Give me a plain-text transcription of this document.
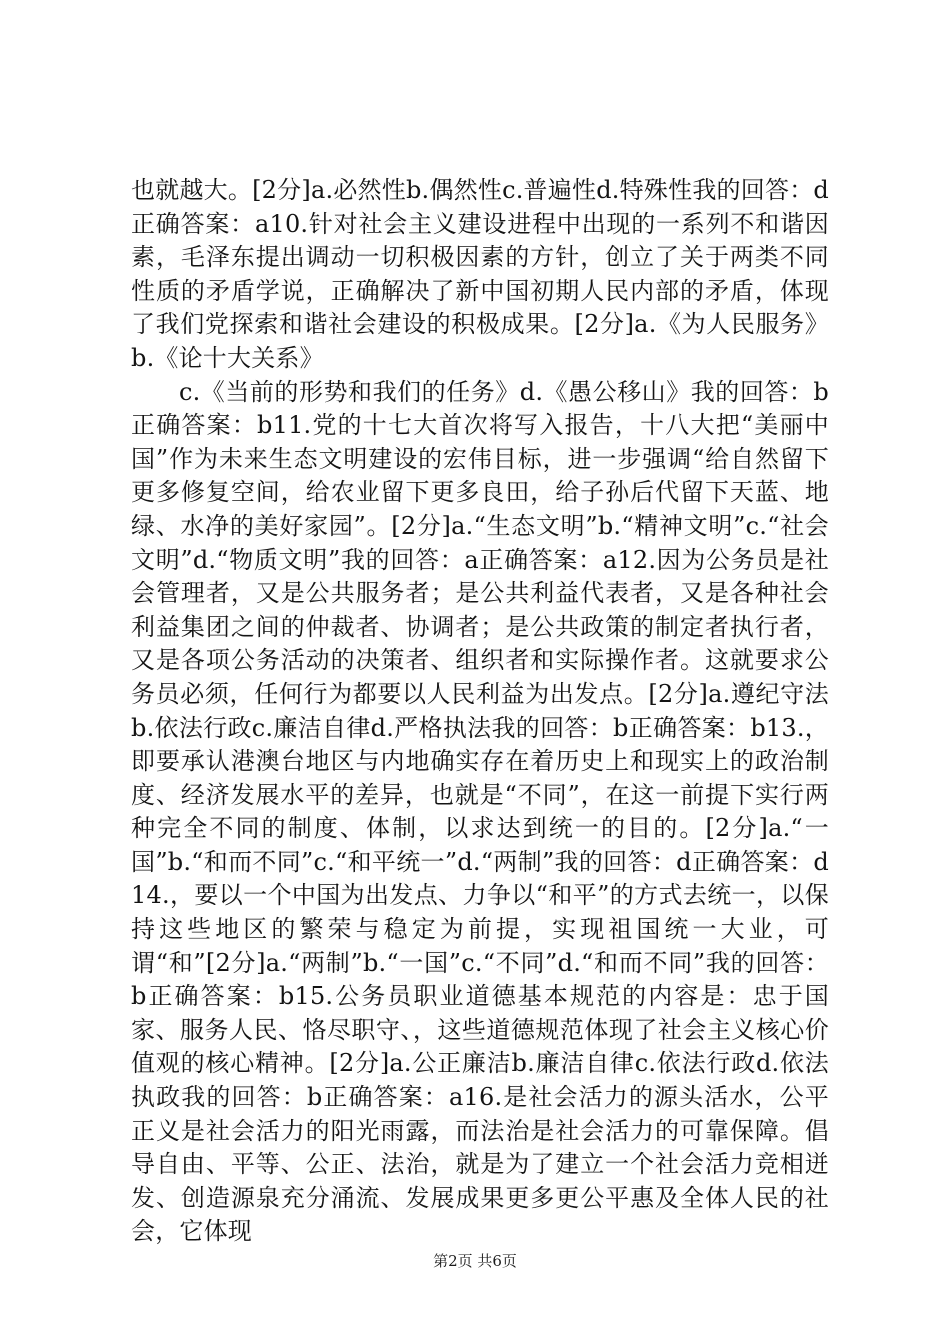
也就越大。[2分]a.必然性b.偶然性c.普遍性d.特殊性我的回答：d正确答案：a10.针对社会主义建设进程中出现的一系列不和谐因素，毛泽东提出调动一切积极因素的方针，创立了关于两类不同性质的矛盾学说，正确解决了新中国初期人民内部的矛盾，体现了我们党探索和谐社会建设的积极成果。[2分]a.《为人民服务》b.《论十大关系》

c.《当前的形势和我们的任务》d.《愚公移山》我的回答：b正确答案：b11.党的十七大首次将写入报告，十八大把“美丽中国”作为未来生态文明建设的宏伟目标，进一步强调“给自然留下更多修复空间，给农业留下更多良田，给子孙后代留下天蓝、地绿、水净的美好家园”。[2分]a.“生态文明”b.“精神文明”c.“社会文明”d.“物质文明”我的回答：a正确答案：a12.因为公务员是社会管理者，又是公共服务者；是公共利益代表者，又是各种社会利益集团之间的仲裁者、协调者；是公共政策的制定者执行者，又是各项公务活动的决策者、组织者和实际操作者。这就要求公务员必须，任何行为都要以人民利益为出发点。[2分]a.遵纪守法b.依法行政c.廉洁自律d.严格执法我的回答：b正确答案：b13.，即要承认港澳台地区与内地确实存在着历史上和现实上的政治制度、经济发展水平的差异，也就是“不同”，在这一前提下实行两种完全不同的制度、体制，以求达到统一的目的。[2分]a.“一国”b.“和而不同”c.“和平统一”d.“两制”我的回答：d正确答案：d14.，要以一个中国为出发点、力争以“和平”的方式去统一，以保持这些地区的繁荣与稳定为前提，实现祖国统一大业，可谓“和”[2分]a.“两制”b.“一国”c.“不同”d.“和而不同”我的回答：b正确答案：b15.公务员职业道德基本规范的内容是：忠于国家、服务人民、恪尽职守、，这些道德规范体现了社会主义核心价值观的核心精神。[2分]a.公正廉洁b.廉洁自律c.依法行政d.依法执政我的回答：b正确答案：a16.是社会活力的源头活水，公平正义是社会活力的阳光雨露，而法治是社会活力的可靠保障。倡导自由、平等、公正、法治，就是为了建立一个社会活力竞相迸发、创造源泉充分涌流、发展成果更多更公平惠及全体人民的社会，它体现

第2页 共6页
